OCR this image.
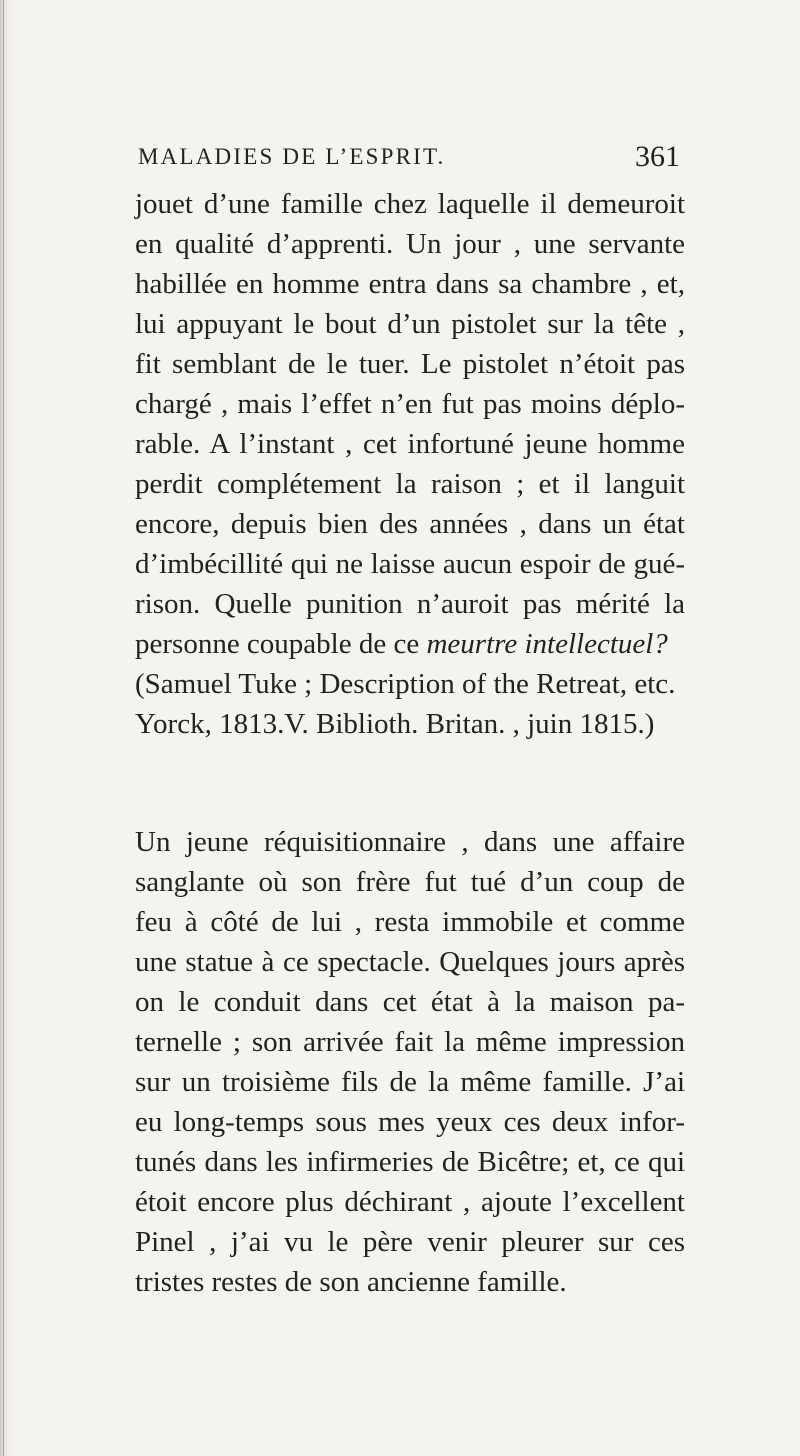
MALADIES DE L’ESPRIT.	361
jouet d’une famille chez laquelle il demeuroit
en qualité d’apprenti. Un jour , une servante
habillée en homme entra dans sa chambre , et,
lui appuyant le bout d’un pistolet sur la tête ,
fit semblant de le tuer. Le pistolet n’étoit pas
chargé , mais l’effet n’en fut pas moins déplo-
rable. A l’instant , cet infortuné jeune homme
perdit complétement la raison ; et il languit
encore, depuis bien des années , dans un état
d’imbécillité qui ne laisse aucun espoir de gué-
rison. Quelle punition n’auroit pas mérité la
personne coupable de ce meurtre intellectuel?
(Samuel Tuke ; Description of the Retreat, etc.
Yorck, 1813.V. Biblioth. Britan. , juin 1815.)
Un jeune réquisitionnaire , dans une affaire
sanglante où son frère fut tué d’un coup de
feu à côté de lui , resta immobile et comme
une statue à ce spectacle. Quelques jours après
on le conduit dans cet état à la maison pa-
ternelle ; son arrivée fait la même impression
sur un troisième fils de la même famille. J’ai
eu long-temps sous mes yeux ces deux infor-
tunés dans les infirmeries de Bicêtre; et, ce qui
étoit encore plus déchirant , ajoute l’excellent
Pinel , j’ai vu le père venir pleurer sur ces
tristes restes de son ancienne famille.
